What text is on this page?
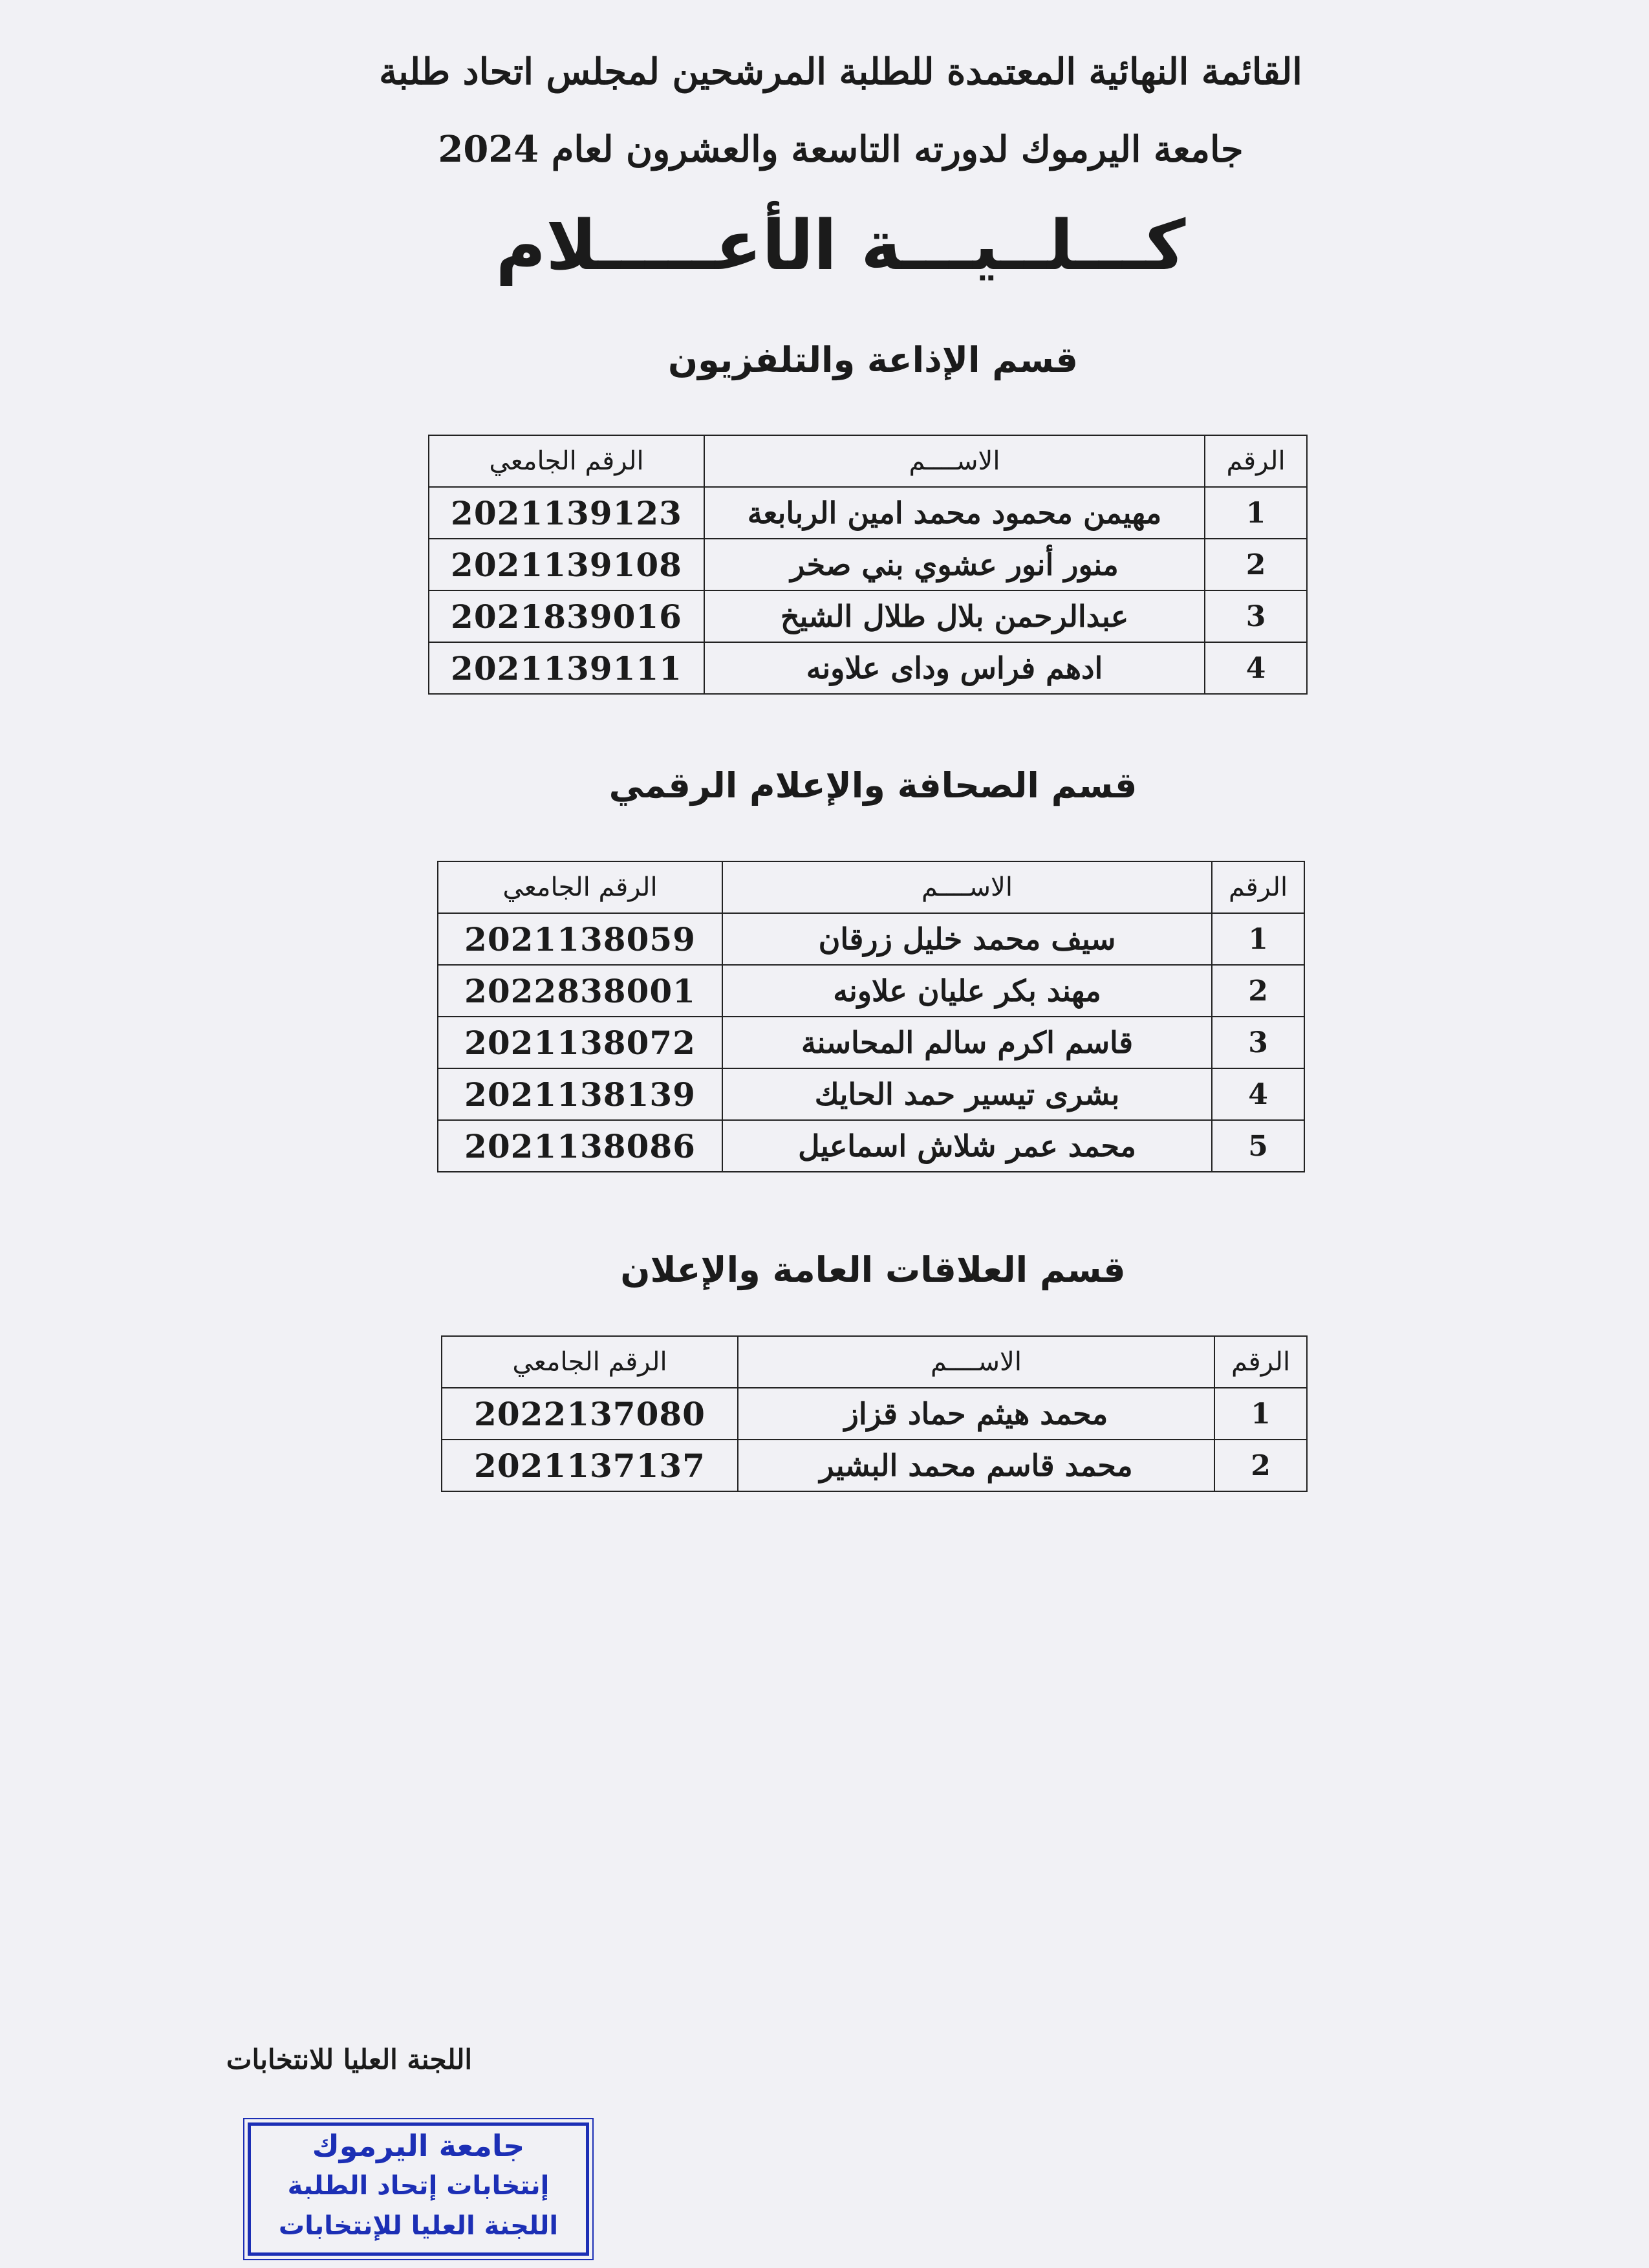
القائمة النهائية المعتمدة للطلبة المرشحين لمجلس اتحاد طلبة
جامعة اليرموك لدورته التاسعة والعشرون لعام 2024
كـــلــيـــة الأعـــــلام
قسم الإذاعة والتلفزيون
الرقم	الاســــم	الرقم الجامعي
1	مهيمن محمود محمد امين الربابعة	2021139123
2	منور أنور عشوي بني صخر	2021139108
3	عبدالرحمن بلال طلال الشيخ	2021839016
4	ادهم فراس وداى علاونه	2021139111
قسم الصحافة والإعلام الرقمي
الرقم	الاســــم	الرقم الجامعي
1	سيف محمد خليل زرقان	2021138059
2	مهند بكر عليان علاونه	2022838001
3	قاسم اكرم سالم المحاسنة	2021138072
4	بشرى تيسير حمد الحايك	2021138139
5	محمد عمر شلاش اسماعيل	2021138086
قسم العلاقات العامة والإعلان
الرقم	الاســــم	الرقم الجامعي
1	محمد هيثم حماد قزاز	2022137080
2	محمد قاسم محمد البشير	2021137137
اللجنة العليا للانتخابات
جامعة اليرموك
إنتخابات إتحاد الطلبة
اللجنة العليا للإنتخابات
